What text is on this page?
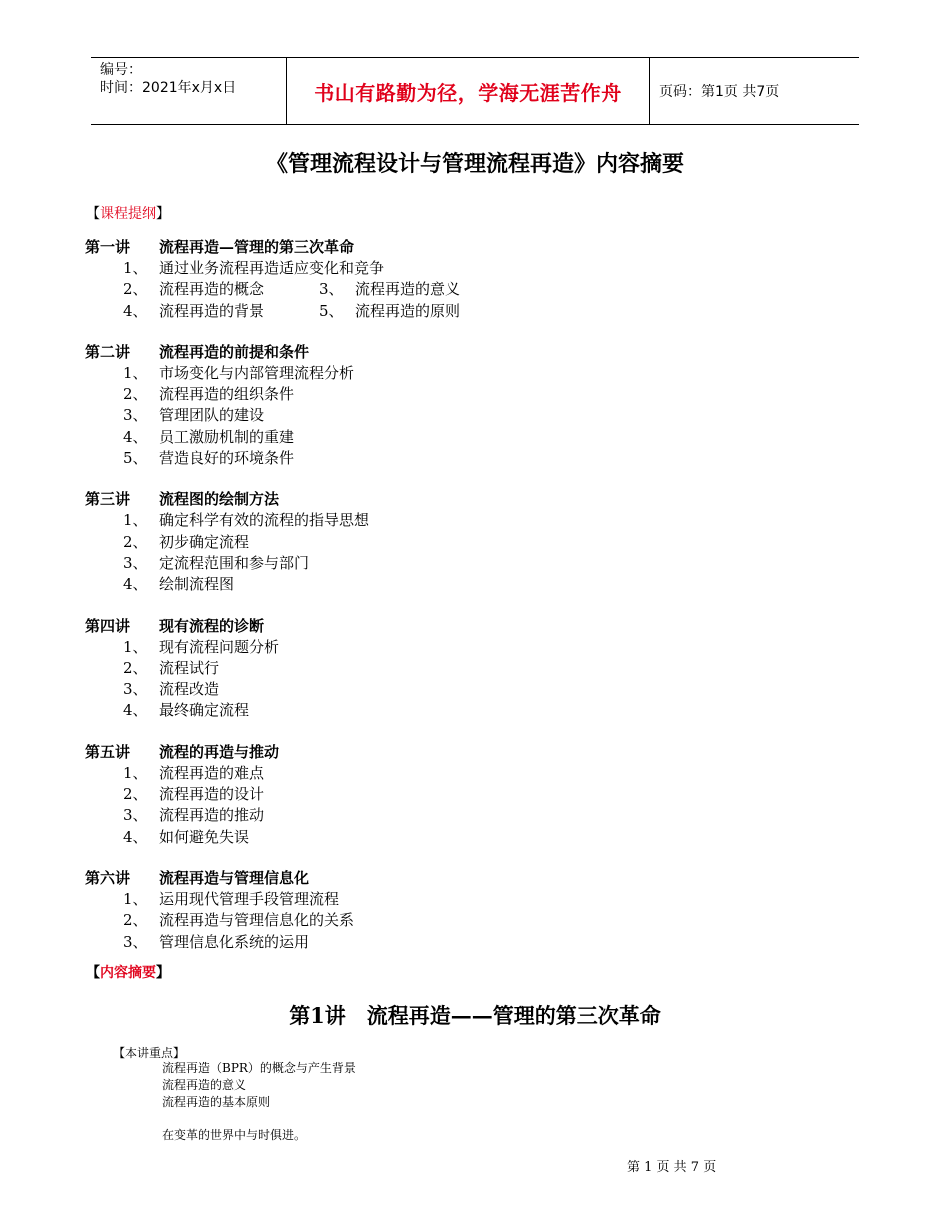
编号：
时间：2021年x月x日	书山有路勤为径，学海无涯苦作舟	页码：第1页 共7页
《管理流程设计与管理流程再造》内容摘要
【课程提纲】
第一讲 流程再造—管理的第三次革命
1、 通过业务流程再造适应变化和竞争
2、 流程再造的概念	3、 流程再造的意义
4、 流程再造的背景	5、 流程再造的原则
第二讲 流程再造的前提和条件
1、 市场变化与内部管理流程分析
2、 流程再造的组织条件
3、 管理团队的建设
4、 员工激励机制的重建
5、 营造良好的环境条件
第三讲 流程图的绘制方法
1、 确定科学有效的流程的指导思想
2、 初步确定流程
3、 定流程范围和参与部门
4、 绘制流程图
第四讲 现有流程的诊断
1、 现有流程问题分析
2、 流程试行
3、 流程改造
4、 最终确定流程
第五讲 流程的再造与推动
1、 流程再造的难点
2、 流程再造的设计
3、 流程再造的推动
4、 如何避免失误
第六讲 流程再造与管理信息化
1、 运用现代管理手段管理流程
2、 流程再造与管理信息化的关系
3、 管理信息化系统的运用
【内容摘要】
第1讲　流程再造——管理的第三次革命
【本讲重点】
流程再造（BPR）的概念与产生背景
流程再造的意义
流程再造的基本原则
在变革的世界中与时俱进。
第 1 页 共 7 页
